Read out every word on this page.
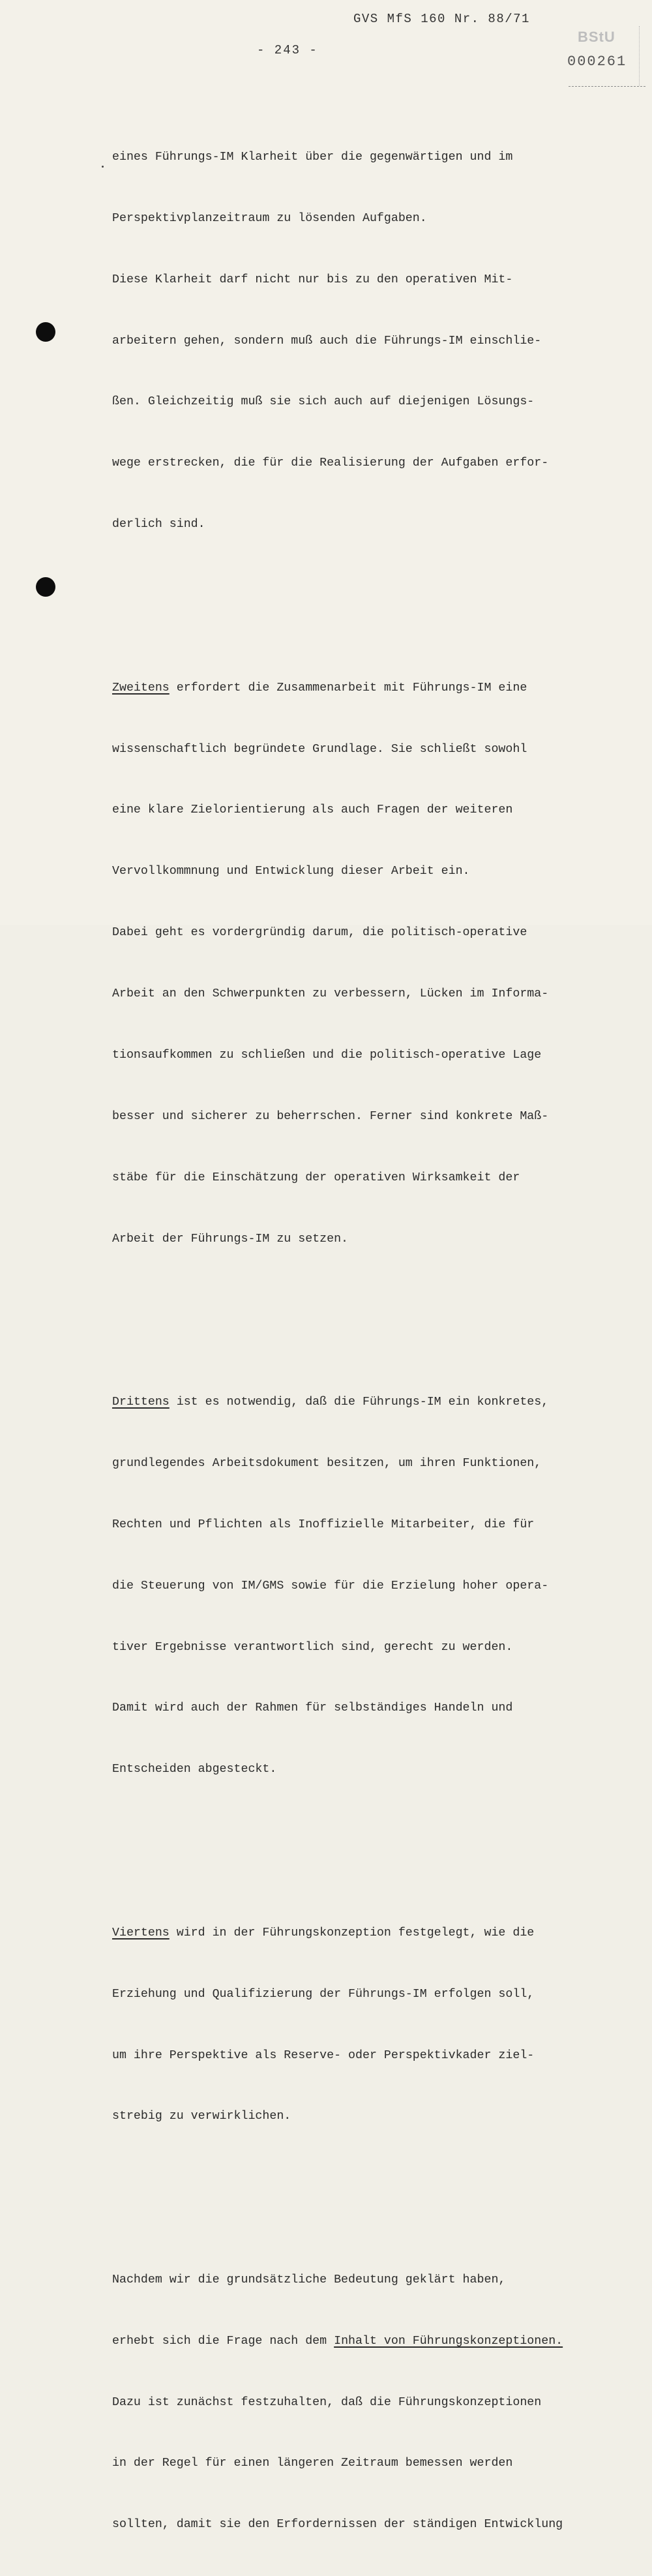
GVS MfS 160 Nr. 88/71
- 243 -
BStU
000261

eines Führungs-IM Klarheit über die gegenwärtigen und im

Perspektivplanzeitraum zu lösenden Aufgaben.

Diese Klarheit darf nicht nur bis zu den operativen Mit-

arbeitern gehen, sondern muß auch die Führungs-IM einschlie-

ßen. Gleichzeitig muß sie sich auch auf diejenigen Lösungs-

wege erstrecken, die für die Realisierung der Aufgaben erfor-

derlich sind.

Zweitens erfordert die Zusammenarbeit mit Führungs-IM eine

wissenschaftlich begründete Grundlage. Sie schließt sowohl

eine klare Zielorientierung als auch Fragen der weiteren

Vervollkommnung und Entwicklung dieser Arbeit ein.

Dabei geht es vordergründig darum, die politisch-operative

Arbeit an den Schwerpunkten zu verbessern, Lücken im Informa-

tionsaufkommen zu schließen und die politisch-operative Lage

besser und sicherer zu beherrschen. Ferner sind konkrete Maß-

stäbe für die Einschätzung der operativen Wirksamkeit der

Arbeit der Führungs-IM zu setzen.

Drittens ist es notwendig, daß die Führungs-IM ein konkretes,

grundlegendes Arbeitsdokument besitzen, um ihren Funktionen,

Rechten und Pflichten als Inoffizielle Mitarbeiter, die für

die Steuerung von IM/GMS sowie für die Erzielung hoher opera-

tiver Ergebnisse verantwortlich sind, gerecht zu werden.

Damit wird auch der Rahmen für selbständiges Handeln und

Entscheiden abgesteckt.

Viertens wird in der Führungskonzeption festgelegt, wie die

Erziehung und Qualifizierung der Führungs-IM erfolgen soll,

um ihre Perspektive als Reserve- oder Perspektivkader ziel-

strebig zu verwirklichen.

Nachdem wir die grundsätzliche Bedeutung geklärt haben,

erhebt sich die Frage nach dem Inhalt von Führungskonzeptionen.

Dazu ist zunächst festzuhalten, daß die Führungskonzeptionen

in der Regel für einen längeren Zeitraum bemessen werden

sollten, damit sie den Erfordernissen der ständigen Entwicklung
